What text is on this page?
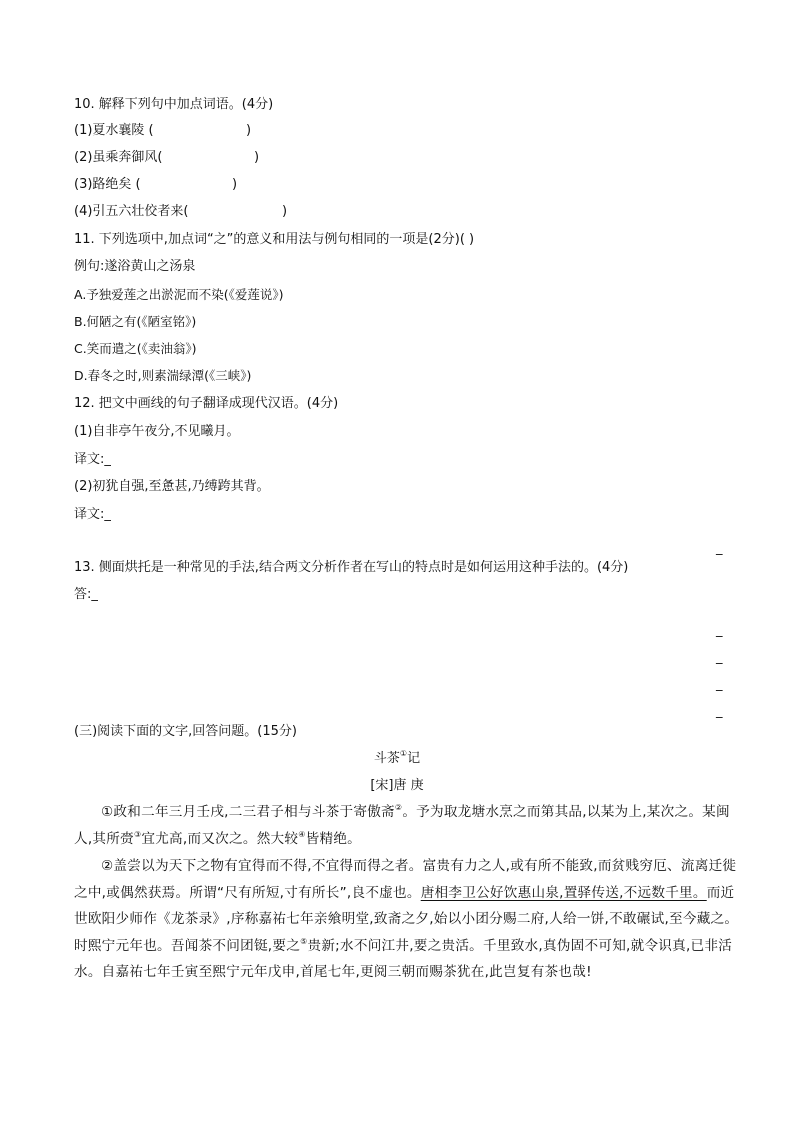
10. 解释下列句中加点词语。(4分)
(1)夏水襄陵 (	)
(2)虽乘奔御风(	)
(3)路绝矣 (	)
(4)引五六壮佼者来(	)
11. 下列选项中,加点词“之”的意义和用法与例句相同的一项是(2分)( )
例句:遂浴黄山之汤泉
A.予独爱莲之出淤泥而不染(《爱莲说》)
B.何陋之有(《陋室铭》)
C.笑而遣之(《卖油翁》)
D.春冬之时,则素湍绿潭(《三峡》)
12. 把文中画线的句子翻译成现代汉语。(4分)
(1)自非亭午夜分,不见曦月。
译文:_
(2)初犹自强,至惫甚,乃缚跨其背。
译文:_
_
13. 侧面烘托是一种常见的手法,结合两文分析作者在写山的特点时是如何运用这种手法的。(4分)
答:_
_
_
_
_
(三)阅读下面的文字,回答问题。(15分)
斗茶①记
[宋]唐 庚
①政和二年三月壬戌,二三君子相与斗茶于寄傲斋②。予为取龙塘水烹之而第其品,以某为上,某次之。某闽人,其所赍③宜尤高,而又次之。然大较④皆精绝。
②盖尝以为天下之物有宜得而不得,不宜得而得之者。富贵有力之人,或有所不能致,而贫贱穷厄、流离迁徙之中,或偶然获焉。所谓“尺有所短,寸有所长”,良不虚也。唐相李卫公好饮惠山泉,置驿传送,不远数千里。而近世欧阳少师作《龙茶录》,序称嘉祐七年亲飨明堂,致斋之夕,始以小团分赐二府,人给一饼,不敢碾试,至今藏之。时熙宁元年也。吾闻茶不问团铤,要之⑤贵新;水不问江井,要之贵活。千里致水,真伪固不可知,就令识真,已非活水。自嘉祐七年壬寅至熙宁元年戊申,首尾七年,更阅三朝而赐茶犹在,此岂复有茶也哉!
